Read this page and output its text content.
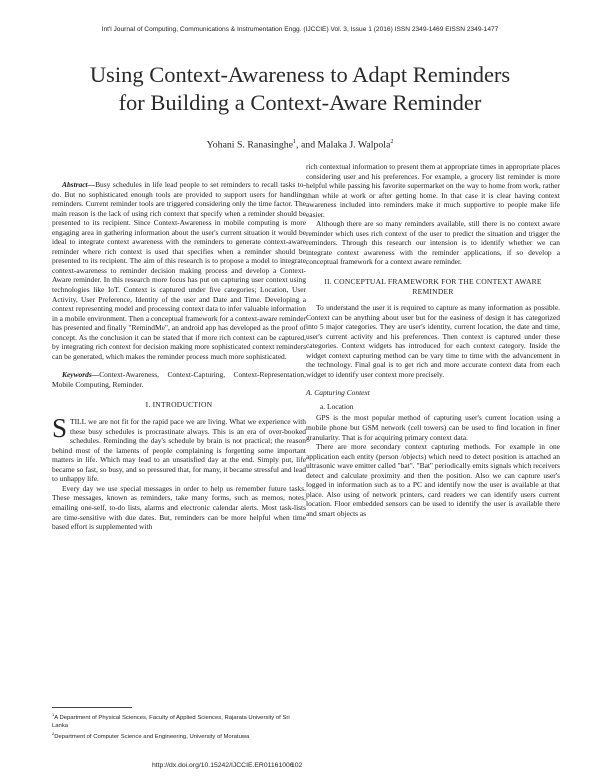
Int'l Journal of Computing, Communications & Instrumentation Engg. (IJCCIE) Vol. 3, Issue 1 (2016) ISSN 2349-1469 EISSN 2349-1477
Using Context-Awareness to Adapt Reminders
for Building a Context-Aware Reminder
Yohani S. Ranasinghe$^1$, and Malaka J. Walpola$^2$

Abstract—Busy schedules in life lead people to set reminders to recall tasks to-do. But no sophisticated enough tools are provided to support users for handling reminders. Current reminder tools are triggered considering only the time factor. The main reason is the lack of using rich context that specify when a reminder should be presented to its recipient. Since Context-Awareness in mobile computing is more engaging area in gathering information about the user's current situation it would be ideal to integrate context awareness with the reminders to generate context-aware reminder where rich context is used that specifies when a reminder should be presented to its recipient. The aim of this research is to propose a model to integrate context-awareness to reminder decision making process and develop a Context-Aware reminder. In this research more focus has put on capturing user context using technologies like IoT. Context is captured under five categories; Location, User Activity, User Preference, Identity of the user and Date and Time. Developing a context representing model and processing context data to infer valuable information in a mobile environment. Then a conceptual framework for a context-aware reminder has presented and finally "RemindMe", an android app has developed as the proof of concept. As the conclusion it can be stated that if more rich context can be captured, by integrating rich context for decision making more sophisticated context reminders can be generated, which makes the reminder process much more sophisticated.

Keywords—Context-Awareness, Context-Capturing, Context-Representation, Mobile Computing, Reminder.

I. INTRODUCTION

STILL we are not fit for the rapid pace we are living. What we experience with these busy schedules is procrastinate always. This is an era of over-booked schedules. Reminding the day's schedule by brain is not practical; the reason behind most of the laments of people complaining is forgetting some important matters in life. Which may lead to an unsatisfied day at the end. Simply put, life became so fast, so busy, and so pressured that, for many, it became stressful and lead to unhappy life.

Every day we use special messages in order to help us remember future tasks. These messages, known as reminders, take many forms, such as memos, notes, emailing one-self, to-do lists, alarms and electronic calendar alerts. Most task-lists are time-sensitive with due dates. But, reminders can be more helpful when time based effort is supplemented with

rich contextual information to present them at appropriate times in appropriate places considering user and his preferences. For example, a grocery list reminder is more helpful while passing his favorite supermarket on the way to home from work, rather than while at work or after getting home. In that case it is clear having context awareness included into reminders make it much supportive to people make life easier.

Although there are so many reminders available, still there is no context aware reminder which uses rich context of the user to predict the situation and trigger the reminders. Through this research our intension is to identify whether we can integrate context awareness with the reminder applications, if so develop a conceptual framework for a context aware reminder.

II. CONCEPTUAL FRAMEWORK FOR THE CONTEXT AWARE
REMINDER

To understand the user it is required to capture as many information as possible. Context can be anything about user but for the easiness of design it has categorized into 5 major categories. They are user's identity, current location, the date and time, user's current activity and his preferences. Then context is captured under these categories. Context widgets has introduced for each context category. Inside the widget context capturing method can be vary time to time with the advancement in the technology. Final goal is to get rich and more accurate context data from each widget to identify user context more precisely.

A. Capturing Context
a. Location

GPS is the most popular method of capturing user's current location using a mobile phone but GSM network (cell towers) can be used to find location in finer granularity. That is for acquiring primary context data.

There are more secondary context capturing methods. For example in one application each entity (person /objects) which need to detect position is attached an ultrasonic wave emitter called "bat". "Bat" periodically emits signals which receivers detect and calculate proximity and then the position. Also we can capture user's logged in information such as to a PC and identify now the user is available at that place. Also using of network printers, card readers we can identify users current location. Floor embedded sensors can be used to identify the user is available there and smart objects as

$^1$A Department of Physical Sciences, Faculty of Applied Sciences, Rajarata University of Sri Lanka
$^2$Department of Computer Science and Engineering, University of Moratuwa
http://dx.doi.org/10.15242/IJCCIE.ER01161006
102
